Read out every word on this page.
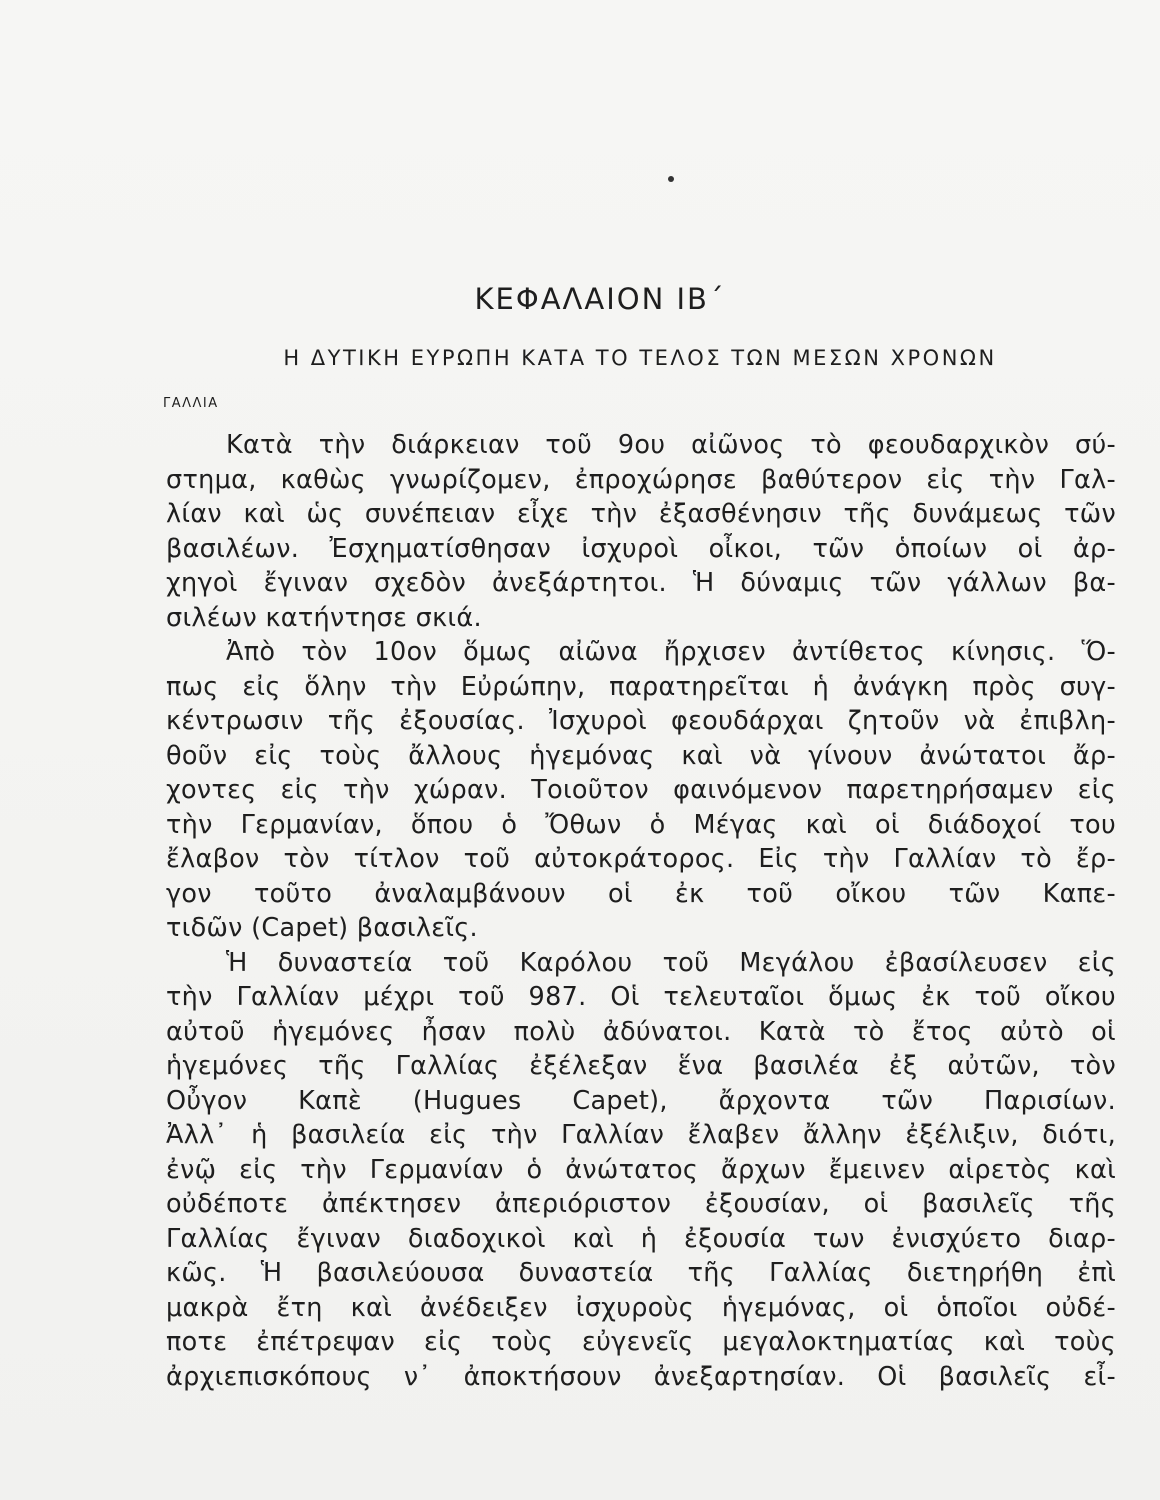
ΚΕΦΑΛΑΙΟΝ ΙΒ΄
Η ΔΥΤΙΚΗ ΕΥΡΩΠΗ ΚΑΤΑ ΤΟ ΤΕΛΟΣ ΤΩΝ ΜΕΣΩΝ ΧΡΟΝΩΝ
ΓΑΛΛΙΑ
Κατὰ τὴν διάρκειαν τοῦ 9ου αἰῶνος τὸ φεουδαρχικὸν σύ-
στημα, καθὼς γνωρίζομεν, ἐπροχώρησε βαθύτερον εἰς τὴν Γαλ-
λίαν καὶ ὡς συνέπειαν εἶχε τὴν ἐξασθένησιν τῆς δυνάμεως τῶν
βασιλέων. Ἐσχηματίσθησαν ἰσχυροὶ οἶκοι, τῶν ὁποίων οἱ ἀρ-
χηγοὶ ἔγιναν σχεδὸν ἀνεξάρτητοι. Ἡ δύναμις τῶν γάλλων βα-
σιλέων κατήντησε σκιά.
Ἀπὸ τὸν 10ον ὅμως αἰῶνα ἤρχισεν ἀντίθετος κίνησις. Ὅ-
πως εἰς ὅλην τὴν Εὐρώπην, παρατηρεῖται ἡ ἀνάγκη πρὸς συγ-
κέντρωσιν τῆς ἐξουσίας. Ἰσχυροὶ φεουδάρχαι ζητοῦν νὰ ἐπιβλη-
θοῦν εἰς τοὺς ἄλλους ἡγεμόνας καὶ νὰ γίνουν ἀνώτατοι ἄρ-
χοντες εἰς τὴν χώραν. Τοιοῦτον φαινόμενον παρετηρήσαμεν εἰς
τὴν Γερμανίαν, ὅπου ὁ Ὄθων ὁ Μέγας καὶ οἱ διάδοχοί του
ἔλαβον τὸν τίτλον τοῦ αὐτοκράτορος. Εἰς τὴν Γαλλίαν τὸ ἔρ-
γον τοῦτο ἀναλαμβάνουν οἱ ἐκ τοῦ οἴκου τῶν Καπε-
τιδῶν (Capet) βασιλεῖς.
Ἡ δυναστεία τοῦ Καρόλου τοῦ Μεγάλου ἐβασίλευσεν εἰς
τὴν Γαλλίαν μέχρι τοῦ 987. Οἱ τελευταῖοι ὅμως ἐκ τοῦ οἴκου
αὐτοῦ ἡγεμόνες ἦσαν πολὺ ἀδύνατοι. Κατὰ τὸ ἔτος αὐτὸ οἱ
ἡγεμόνες τῆς Γαλλίας ἐξέλεξαν ἕνα βασιλέα ἐξ αὐτῶν, τὸν
Οὖγον Καπὲ (Hugues Capet), ἄρχοντα τῶν Παρισίων.
Ἀλλ᾽ ἡ βασιλεία εἰς τὴν Γαλλίαν ἔλαβεν ἄλλην ἐξέλιξιν, διότι,
ἐνῷ εἰς τὴν Γερμανίαν ὁ ἀνώτατος ἄρχων ἔμεινεν αἱρετὸς καὶ
οὐδέποτε ἀπέκτησεν ἀπεριόριστον ἐξουσίαν, οἱ βασιλεῖς τῆς
Γαλλίας ἔγιναν διαδοχικοὶ καὶ ἡ ἐξουσία των ἐνισχύετο διαρ-
κῶς. Ἡ βασιλεύουσα δυναστεία τῆς Γαλλίας διετηρήθη ἐπὶ
μακρὰ ἔτη καὶ ἀνέδειξεν ἰσχυροὺς ἡγεμόνας, οἱ ὁποῖοι οὐδέ-
ποτε ἐπέτρεψαν εἰς τοὺς εὐγενεῖς μεγαλοκτηματίας καὶ τοὺς
ἀρχιεπισκόπους ν᾽ ἀποκτήσουν ἀνεξαρτησίαν. Οἱ βασιλεῖς εἶ-
